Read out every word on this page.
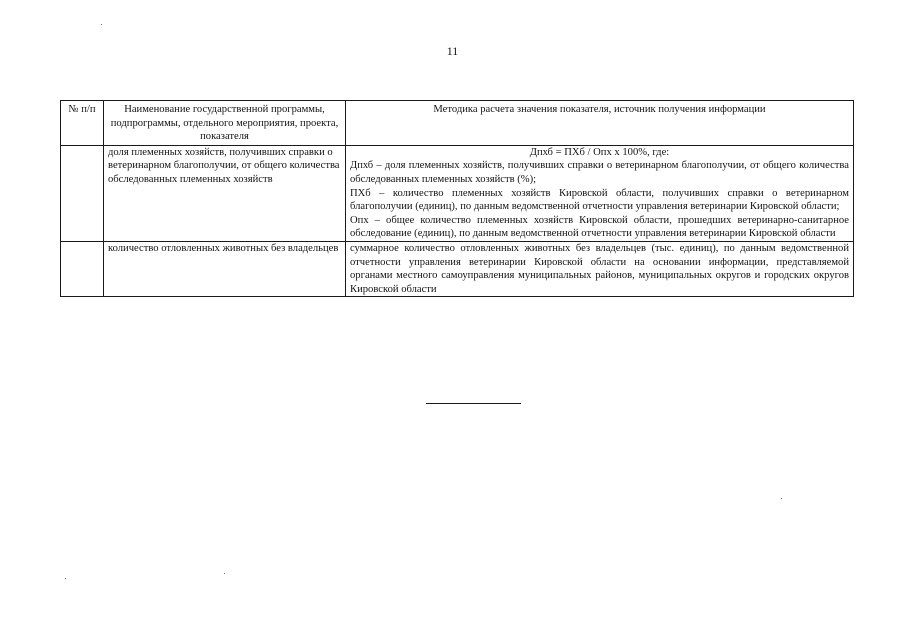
11
№ п/п	Наименование государственной программы, подпрограммы, отдельного мероприятия, проекта, показателя	Методика расчета значения показателя, источник получения информации
	доля племенных хозяйств, получивших справки о ветеринарном благополучии, от общего количества обследованных племенных хозяйств	Дпхб = ПХб / Опх х 100%, где:
Дпхб – доля племенных хозяйств, получивших справки о ветеринарном благополучии, от общего количества обследованных племенных хозяйств (%);
ПХб – количество племенных хозяйств Кировской области, получивших справки о ветеринарном благополучии (единиц), по данным ведомственной отчетности управления ветеринарии Кировской области;
Опх – общее количество племенных хозяйств Кировской области, прошедших ветеринарно-санитарное обследование (единиц), по данным ведомственной отчетности управления ветеринарии Кировской области

	количество отловленных животных без владельцев	суммарное количество отловленных животных без владельцев (тыс. единиц), по данным ведомственной отчетности управления ветеринарии Кировской области на основании информации, представляемой органами местного самоуправления муниципальных районов, муниципальных округов и городских округов Кировской области
